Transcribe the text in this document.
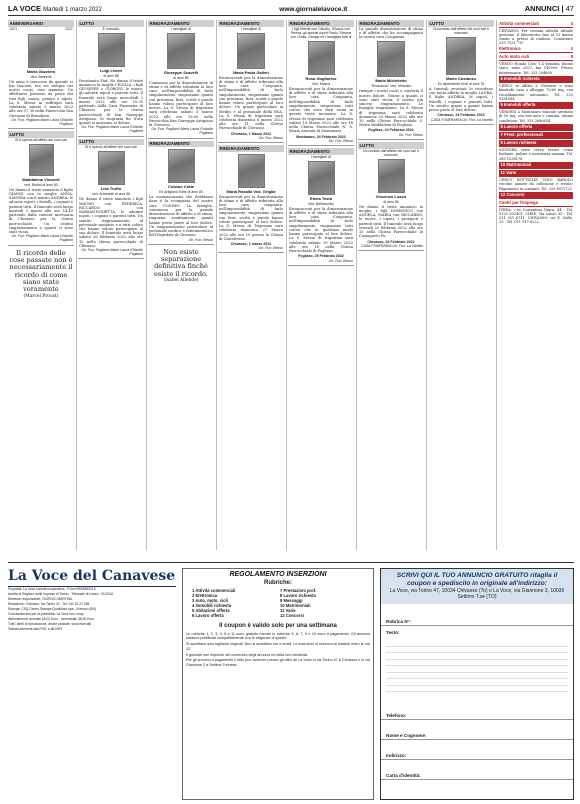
LA VOCE Martedì 1 marzo 2022	www.giornalelavoce.it	ANNUNCI | 47
ANNIVERSARIO
2021	2022
Maria Gazziera
Ved. Barberis
Un anno è trascorso da quando ci hai lasciato, ma sei sempre nei nostri cuori, ciao mamma. Un affettuoso pensiero da parte dei tuoi figli, nuora, genero e nipoti. La S. Messa in suffragio sarà celebrata sabato 5 marzo 2022 alle ore 17.30 nella Parrocchia San Giovanni di Brandizzo.
On. Fun. Poglianò Mario Laura Ghisolfo Poglianò
LUTTO
Si è spenta all'affetto dei suoi cari
Maddalena Viscardi
ved. Bodini di anni 90
Ne danno il triste annuncio il figlio GIANNI con la moglie ANNA, SANDRA con il marito ANDREA, le adorate nipoti, i fratelli, i cognati e parenti tutti. Il funerale avrà luogo martedì 1 marzo alle ore 14.45 partendo dalla camera mortuaria di Chivasso per la chiesa parrocchiale. Un sentito ringraziamento a quanti ci sono stati vicini.
On. Fun. Poglianò Mario Laura Ghisolfo Poglianò
Il ricordo delle cose passate non è necessariamente il ricordo di come siano state veramente
(Marcel Proust)
LUTTO
È mancato
Luigi Livieri
di anni 88
Pensionato Fiat. Ne danno il triste annuncio la moglie CECILIA, i figli GIUSEPPE e GIORGIO, le nuore, gli adorati nipoti e parenti tutti. Il funerale avrà luogo mercoledì 2 marzo 2022 alle ore 10.30 partendo dalla Casa Funeraria di Chivasso per la chiesa parrocchiale di San Giuseppe Artigiano. Si ringrazia fin d'ora quanti si uniranno al dolore.
On. Fun. Poglianò Mario Laura Ghisolfo Poglianò
LUTTO
Si è spento all'affetto dei suoi cari
Lisa Truffo
ved. Antonietti di anni 96
Ne danno il triste annuncio i figli MAURO con FEDERICA, RICCARDO con MARIANTONIETTA, le adorate nipoti, i cognati e parenti tutti. Un sentito ringraziamento al personale sanitario e a tutti coloro che hanno voluto partecipare al suo dolore. Il funerale avrà luogo sabato 26 febbraio 2022 alle ore 10 nella chiesa parrocchiale di Chivasso.
On. Fun. Poglianò Mario Laura Ghisolfo Poglianò
RINGRAZIAMENTO
I famigliari di
Giuseppe Scavelli
di anni 86
Commossi per la dimostrazione di stima e di affetto tributata al loro caro, nell'impossibilità di farlo singolarmente, ringraziano quanti con presenza, fiori, scritti e parole hanno voluto partecipare al loro dolore. La S. Messa di trigesima sarà celebrata sabato 5 marzo 2022 alle ore 18.00 nella Parrocchia San Giuseppe Artigiano di Chivasso.
On. Fun. Poglianò Mario Laura Ghisolfo Poglianò
RINGRAZIAMENTO
Cosimo Cotte
Ex Artigiano Edile di anni 80
La comunicazione che dobbiamo dare è la scomparsa del nostro caro COSIMO. La famiglia, commossa per la grande dimostrazione di affetto e di stima, ringrazia sentitamente quanti hanno preso parte al loro dolore. Un ringraziamento particolare al personale medico e infermieristico dell'Ospedale di Chivasso.
On. Fun. Besso
Non esiste separazione definitiva finché esiste il ricordo.
(Isabel Allende)
RINGRAZIAMENTO
I famigliari di
Maria Paola Galleri
Riconoscenti per la dimostrazione di stima e di affetto tributata alla loro cara Congiunta, nell'impossibilità di farlo singolarmente, ringraziano quanti con presenza, fiori, scritti e parole hanno voluto partecipare al loro dolore. Un grazie particolare ai Medici e al personale della RSA. La S. Messa di trigesima sarà celebrata domenica 6 marzo 2022 alle ore 11 nella Chiesa Parrocchiale di Chivasso.
Chivasso, 1 Marzo 2022
On. Fun. Besso
RINGRAZIAMENTO
Maria Rosalia Ved. Griglia
Riconoscenti per la dimostrazione di stima e di affetto tributata alla loro cara congiunta, nell'impossibilità di farlo singolarmente, ringraziano quanti con fiori, scritti e parole hanno voluto partecipare al loro dolore. La S. Messa di Trigesima sarà celebrata domenica 27 Marzo 2022 alle ore 10 presso la Chiesa di Castelrosso.
Chivasso, 1 marzo 2022
On. Fun. Besso
RINGRAZIAMENTO
I figli Mirella con Claudio, Silvano con Teresa, gli adorati nipoti Paolo, Simone con Giulia, Giorgio ed i famigliari tutti di
Rosa Gugliarino
Ved. Mosca
Riconoscenti per la dimostrazione di affetto e di stima tributata alla loro cara Congiunta, nell'impossibilità di farlo singolarmente, ringraziano tutti coloro che sono stati vicini in questo triste momento. La S. Messa di trigesima sarà celebrata sabato 19 Marzo 2022 alle ore 18 nella Chiesa Parrocchiale N. S. Maria Assunta di Montanaro.
Montanaro, 24 Febbraio 2022
On. Fun. Besso
RINGRAZIAMENTO
I famigliari di
Elena Testa
Ved. Beltraschini
Riconoscenti per la dimostrazione di affetto e di stima tributata alla loro cara Congiunta, nell'impossibilità di farlo singolarmente, ringraziano tutti coloro che in qualsiasi modo hanno partecipato al loro dolore. La S. Messa di trigesima sarà celebrata sabato 19 Marzo 2022 alle ore 18 nella Chiesa Parrocchiale di Foglizzo.
Foglizzo, 25 Febbraio 2022
On. Fun. Besso
RINGRAZIAMENTO
La grande dimostrazione di stima e di affetto che ha accompagnato la nostra cara Congiunta
Maria Micheletto
"Morsoccia" Ved. Moscato
riempie i nostri cuori e conforta il nostro dolore. Grazie a quanti ci sono stati vicini, il nostro più sincero ringraziamento. Le famiglie ringraziano. La S. Messa di trigesima sarà celebrata domenica 20 Marzo 2022 alle ore 10 nella Chiesa Parrocchiale S. Maria Maddalena di Foglizzo.
Foglizzo, 24 Febbraio 2022
On. Fun. Besso
LUTTO
Circondato dall'affetto dei suoi cari è mancato
Vincenzo Lusso
di anni 95
Ne danno il triste annuncio la moglie, i figli DOMENICO con ANGELA, MARIA con RICCARDO, le nuore, i nipoti, i pronipoti e parenti tutti. Il funerale avrà luogo venerdì 25 febbraio 2022 alle ore 15 nella Chiesa Parrocchiale di Castagneto Po.
Chivasso, 23 Febbraio 2022
CASA FUNERARIA On. Fun. La Varetto
LUTTO
Circondato dall'affetto dei suoi cari è mancato
Mario Costanzo
Ex dipendente Enel di anni 78
A funerali avvenuti lo ricordano con tanto affetto la moglie LAURA, il figlio ANDREA, le nipoti, i fratelli, i cognati e parenti tutti. Un sentito grazie a quanti hanno preso parte al loro dolore.
Chivasso, 24 Febbraio 2022
CASA FUNERARIA On. Fun. La Varetto
Attività commerciali	3
CHIVASSO. Per cessata attività attuale gestione, il laboratorio fino al 31 marzo vende a prezzi di realizzo. Contattare 339 7521 715
Elettronica	4
Auto moto cicli	8
VENDO Honda Civic 1.4 benzina, buono stato, anno 2007, km 140000. Prezzo interessante. Tel. 333 204688
6 Immobili richiesta
CERCO in affitto a Chivasso o zone limitrofe casa o alloggio 70/80 mq, con riscaldamento autonomo. Tel. 333 9161084
9 Immobili offerta
VENDESI a Montanaro bilocale arredato di 50 mq, con box auto e cantina, ottime condizioni. Tel. 333 2680654
8 Lavoro offerta
7 Prest. professionali
9 Lavoro richiesta
SIGNORA seria cerca lavoro come badante, pulizie o assistenza anziani. Tel. 389 1538176
10 Matrimoniali
11 Varie
CERCO BOTTIGLIE VINO BAROLO vecchie annate da collezione e riviste. Pagamento in contanti. Tel. 333 6972721
12 Concorsi
Centri per l'impiego
IVREA: c.so Costantino Nigra, 44 - Tel. 0125 632401. CIRIÈ: Via Lanzo 35 - Tel. 011 921 6711. CHIVASSO: via E. Gallo, 20 - Tel. 011 917 6222.
La Voce del Canavese

Proprietà: La Voce società cooperativa - P.Iva 09596380015

Iscritta al Registro delle Imprese di Torino - Tribunale di Ivrea n. 01/2016

Direttore responsabile: GIORGIO MARTINA

Redazione: Chivasso, via Torino 47 - Tel. 011 91 21 345

Stampa: CSQ Centro Stampa Quotidiani spa - Erbusco (BS)

Concessionaria per la pubblicità: La Voce soc. coop.

Abbonamenti: annuale 65,00 Euro - semestrale 35,00 Euro

Tutti i diritti di riproduzione, anche parziale, sono riservati

Testata aderente alla FISC e all'USPI

REGOLAMENTO INSERZIONI
Rubriche:
1 Attività commerciali	7 Prestazioni prof.
2 Elettronica	8 Lavoro richiesta
3 Auto, moto, cicli	9 Messaggi
4 Immobili richiesta	10 Matrimoniali
5 Abitazioni offerta	11 Varie
6 Lavoro offerta	12 Concorsi
Il coupon è valido solo per una settimana

Le rubriche 1, 2, 3, 4, 8 e 11 sono gratuite mentre le rubriche 5, 6, 7, 9 e 10 sono a pagamento. Gli annunci saranno pubblicati compatibilmente con le esigenze di spazio.

Si accettano solo tagliandi originali. Non si accettano fax e email. Le inserzioni si ricevono al martedì entro le ore 12.

Il giornale non risponde del contenuto degli annunci né della loro veridicità.

Per gli annunci a pagamento il ritiro può avvenire presso gli uffici de La Voce in via Torino 47 a Chivasso e in via Giannone 3 a Settimo Torinese.

SCRIVI QUI IL TUO ANNUNCIO GRATUITO ritaglia il coupon e spediscilo in originale all'indirizzo:
La Voce, via Torino 47, 10034 Chivasso (To) o La Voce, via Giannone 3, 10036 Settimo T.se (TO)
Rubrica N°:
Testo:
Telefono:
Nome e Cognome:
Indirizzo:
Carta d'identità:
